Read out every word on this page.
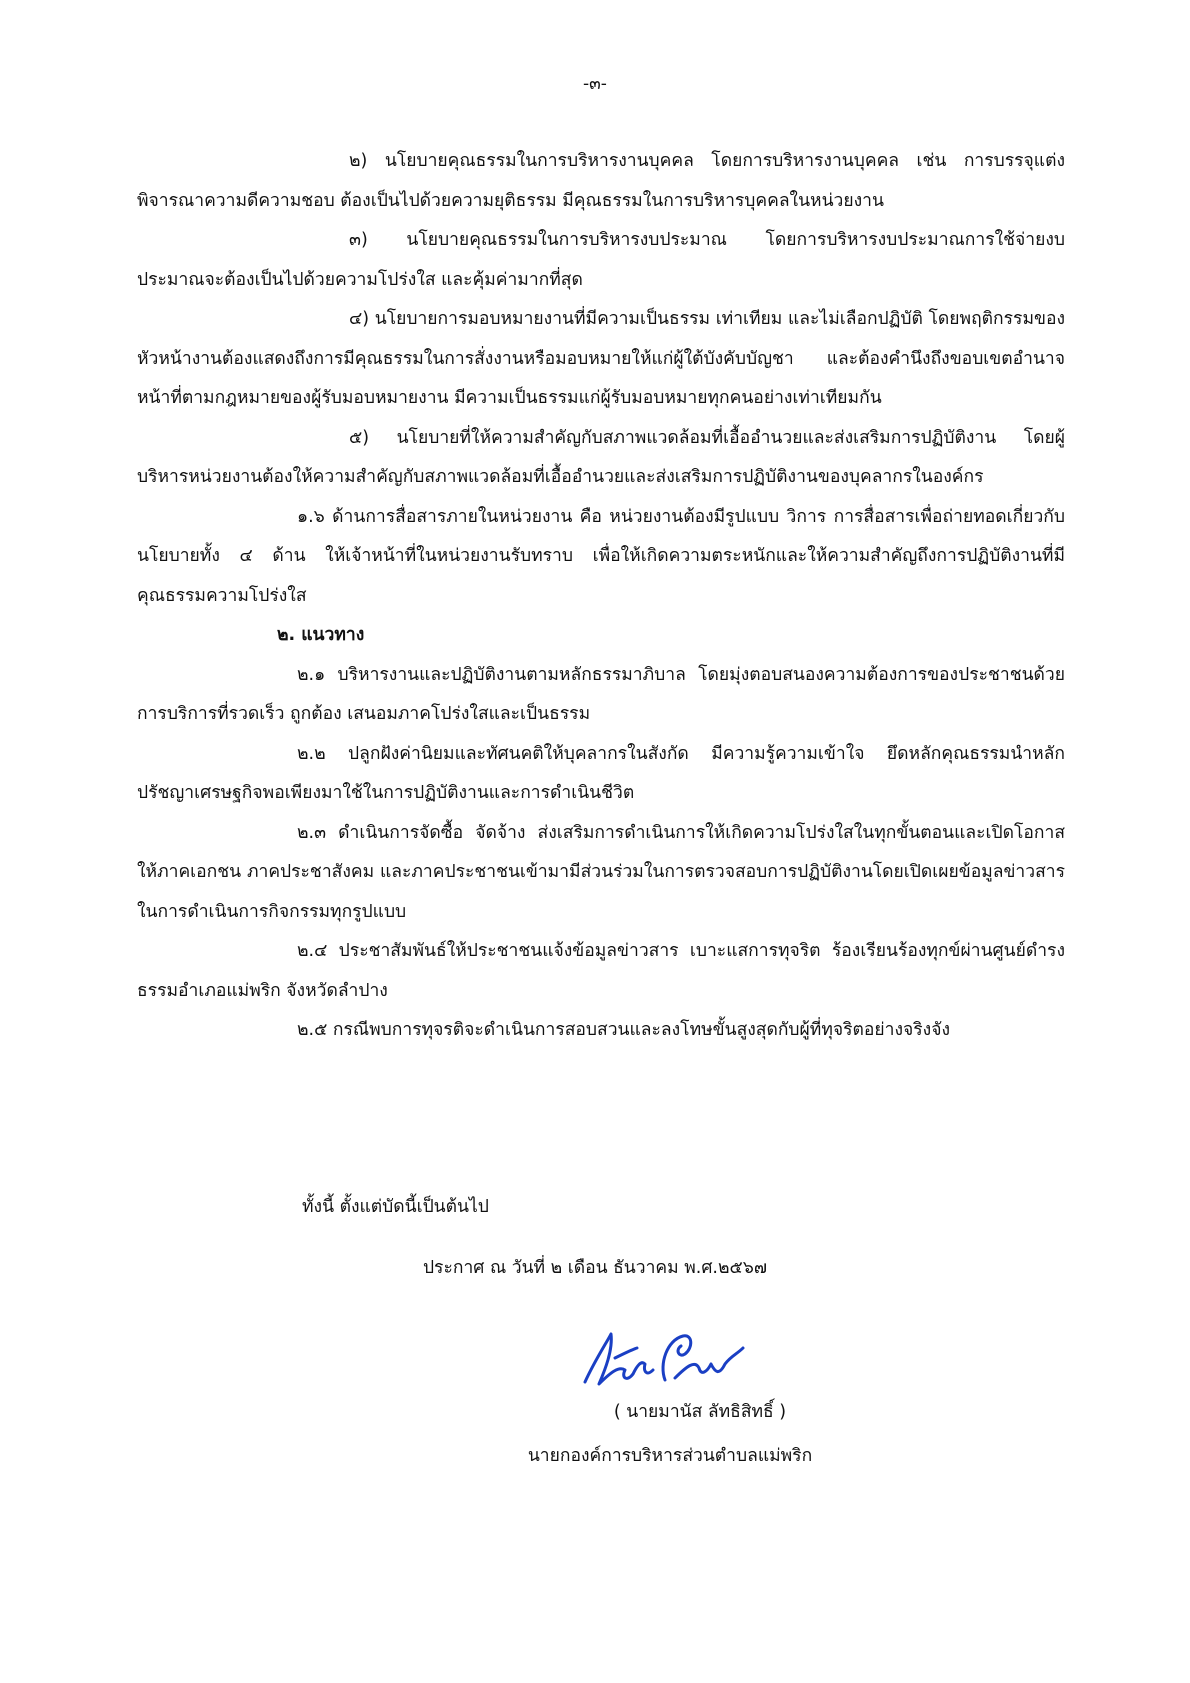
-๓-

๒) นโยบายคุณธรรมในการบริหารงานบุคคล โดยการบริหารงานบุคคล เช่น การบรรจุแต่งพิจารณาความดีความชอบ ต้องเป็นไปด้วยความยุติธรรม มีคุณธรรมในการบริหารบุคคลในหน่วยงาน

๓) นโยบายคุณธรรมในการบริหารงบประมาณ โดยการบริหารงบประมาณการใช้จ่ายงบประมาณจะต้องเป็นไปด้วยความโปร่งใส และคุ้มค่ามากที่สุด

๔) นโยบายการมอบหมายงานที่มีความเป็นธรรม เท่าเทียม และไม่เลือกปฏิบัติ โดยพฤติกรรมของหัวหน้างานต้องแสดงถึงการมีคุณธรรมในการสั่งงานหรือมอบหมายให้แก่ผู้ใต้บังคับบัญชา และต้องคำนึงถึงขอบเขตอำนาจหน้าที่ตามกฎหมายของผู้รับมอบหมายงาน มีความเป็นธรรมแก่ผู้รับมอบหมายทุกคนอย่างเท่าเทียมกัน

๕) นโยบายที่ให้ความสำคัญกับสภาพแวดล้อมที่เอื้ออำนวยและส่งเสริมการปฏิบัติงาน โดยผู้บริหารหน่วยงานต้องให้ความสำคัญกับสภาพแวดล้อมที่เอื้ออำนวยและส่งเสริมการปฏิบัติงานของบุคลากรในองค์กร

๑.๖ ด้านการสื่อสารภายในหน่วยงาน คือ หน่วยงานต้องมีรูปแบบ วิการ การสื่อสารเพื่อถ่ายทอดเกี่ยวกับนโยบายทั้ง ๔ ด้าน ให้เจ้าหน้าที่ในหน่วยงานรับทราบ เพื่อให้เกิดความตระหนักและให้ความสำคัญถึงการปฏิบัติงานที่มีคุณธรรมความโปร่งใส

๒. แนวทาง

๒.๑ บริหารงานและปฏิบัติงานตามหลักธรรมาภิบาล โดยมุ่งตอบสนองความต้องการของประชาชนด้วยการบริการที่รวดเร็ว ถูกต้อง เสนอมภาคโปร่งใสและเป็นธรรม

๒.๒ ปลูกฝังค่านิยมและทัศนคติให้บุคลากรในสังกัด มีความรู้ความเข้าใจ ยึดหลักคุณธรรมนำหลักปรัชญาเศรษฐกิจพอเพียงมาใช้ในการปฏิบัติงานและการดำเนินชีวิต

๒.๓ ดำเนินการจัดซื้อ จัดจ้าง ส่งเสริมการดำเนินการให้เกิดความโปร่งใสในทุกขั้นตอนและเปิดโอกาสให้ภาคเอกชน ภาคประชาสังคม และภาคประชาชนเข้ามามีส่วนร่วมในการตรวจสอบการปฏิบัติงานโดยเปิดเผยข้อมูลข่าวสารในการดำเนินการกิจกรรมทุกรูปแบบ

๒.๔ ประชาสัมพันธ์ให้ประชาชนแจ้งข้อมูลข่าวสาร เบาะแสการทุจริต ร้องเรียนร้องทุกข์ผ่านศูนย์ดำรงธรรมอำเภอแม่พริก จังหวัดลำปาง

๒.๕ กรณีพบการทุจรติจะดำเนินการสอบสวนและลงโทษขั้นสูงสุดกับผู้ที่ทุจริตอย่างจริงจัง

ทั้งนี้ ตั้งแต่บัดนี้เป็นต้นไป
ประกาศ ณ วันที่ ๒ เดือน ธันวาคม พ.ศ.๒๕๖๗
( นายมานัส ลัทธิสิทธิ์ )
นายกองค์การบริหารส่วนตำบลแม่พริก
